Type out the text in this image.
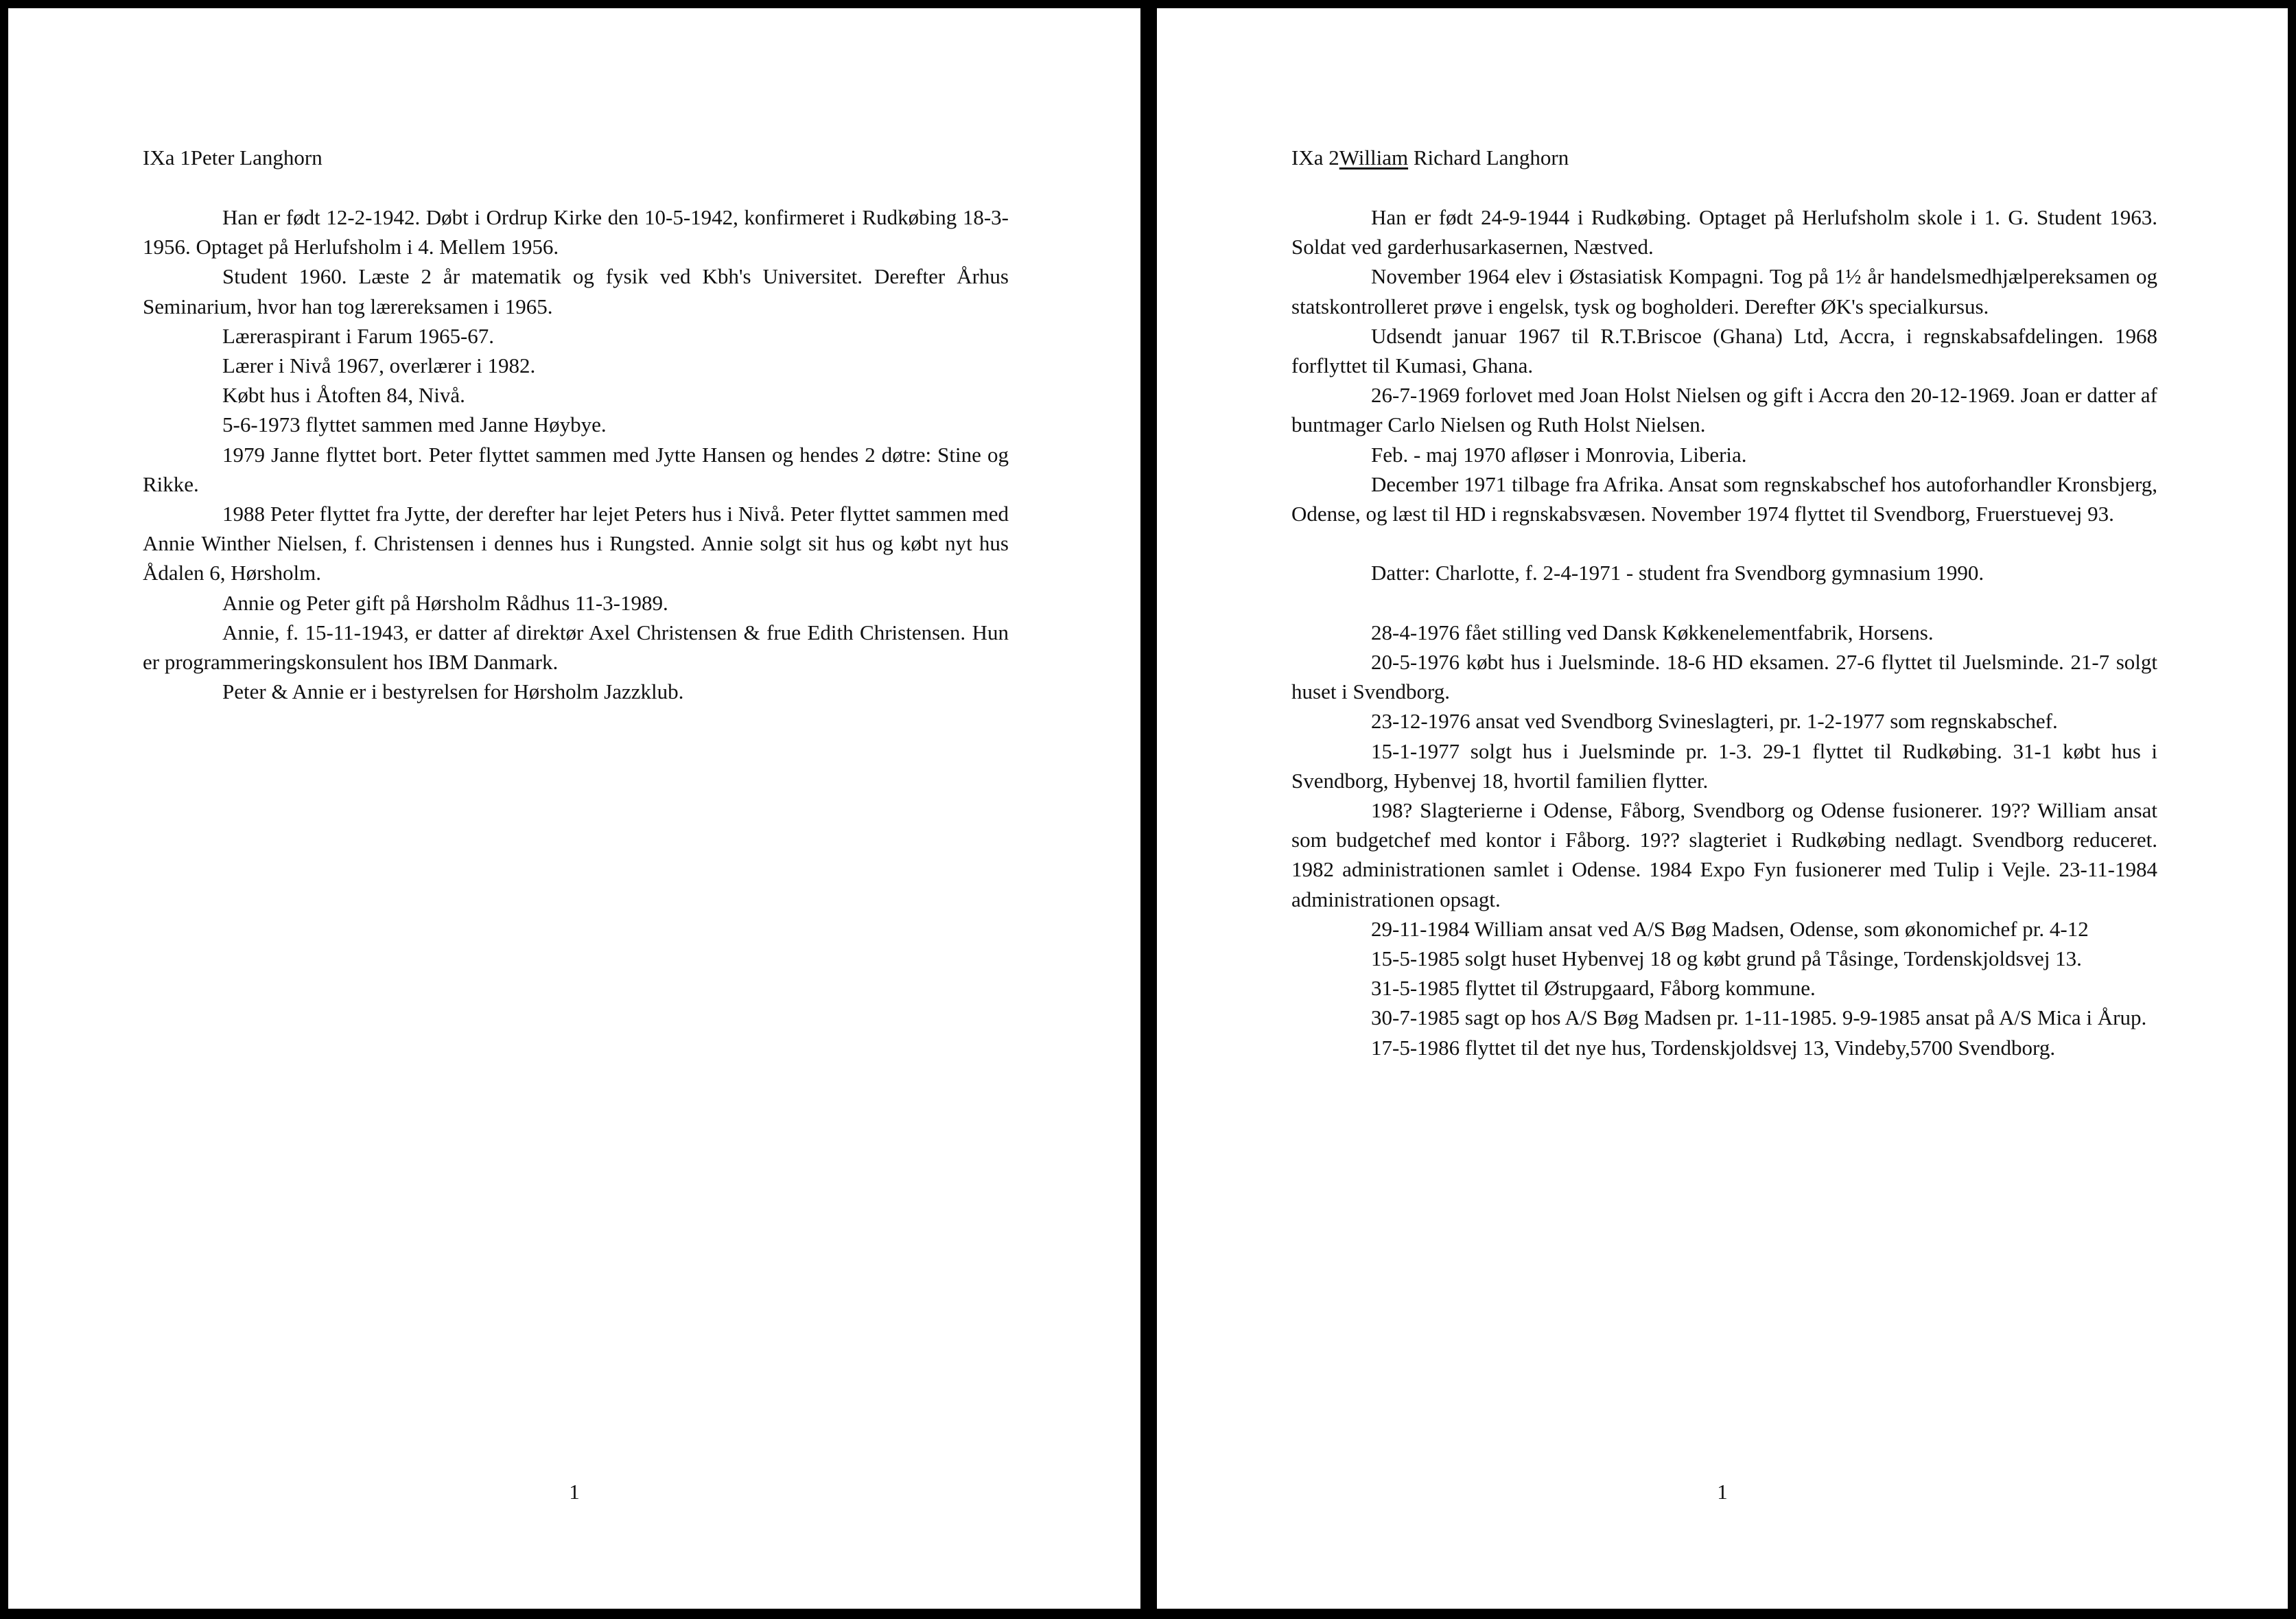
IXa 1Peter Langhorn

Han er født 12-2-1942. Døbt i Ordrup Kirke den 10-5-1942, konfirmeret i Rudkøbing 18-3-1956. Optaget på Herlufsholm i 4. Mellem 1956.

Student 1960. Læste 2 år matematik og fysik ved Kbh's Universitet. Derefter Århus Seminarium, hvor han tog lærereksamen i 1965.

Læreraspirant i Farum 1965-67.

Lærer i Nivå 1967, overlærer i 1982.

Købt hus i Åtoften 84, Nivå.

5-6-1973 flyttet sammen med Janne Høybye.

1979 Janne flyttet bort. Peter flyttet sammen med Jytte Hansen og hendes 2 døtre: Stine og Rikke.

1988 Peter flyttet fra Jytte, der derefter har lejet Peters hus i Nivå. Peter flyttet sammen med Annie Winther Nielsen, f. Christensen i dennes hus i Rungsted. Annie solgt sit hus og købt nyt hus Ådalen 6, Hørsholm.

Annie og Peter gift på Hørsholm Rådhus 11-3-1989.

Annie, f. 15-11-1943, er datter af direktør Axel Christensen & frue Edith Christensen. Hun er programmeringskonsulent hos IBM Danmark.

Peter & Annie er i bestyrelsen for Hørsholm Jazzklub.

1

IXa 2William Richard Langhorn

Han er født 24-9-1944 i Rudkøbing. Optaget på Herlufsholm skole i 1. G. Student 1963. Soldat ved garderhusarkasernen, Næstved.

November 1964 elev i Østasiatisk Kompagni. Tog på 1½ år handelsmedhjælpereksamen og statskontrolleret prøve i engelsk, tysk og bogholderi. Derefter ØK's specialkursus.

Udsendt januar 1967 til R.T.Briscoe (Ghana) Ltd, Accra, i regnskabsafdelingen. 1968 forflyttet til Kumasi, Ghana.

26-7-1969 forlovet med Joan Holst Nielsen og gift i Accra den 20-12-1969. Joan er datter af buntmager Carlo Nielsen og Ruth Holst Nielsen.

Feb. - maj 1970 afløser i Monrovia, Liberia.

December 1971 tilbage fra Afrika. Ansat som regnskabschef hos autoforhandler Kronsbjerg, Odense, og læst til HD i regnskabsvæsen. November 1974 flyttet til Svendborg, Fruerstuevej 93.

Datter: Charlotte, f. 2-4-1971 - student fra Svendborg gymnasium 1990.

28-4-1976 fået stilling ved Dansk Køkkenelementfabrik, Horsens.

20-5-1976 købt hus i Juelsminde. 18-6 HD eksamen. 27-6 flyttet til Juelsminde. 21-7 solgt huset i Svendborg.

23-12-1976 ansat ved Svendborg Svineslagteri, pr. 1-2-1977 som regnskabschef.

15-1-1977 solgt hus i Juelsminde pr. 1-3. 29-1 flyttet til Rudkøbing. 31-1 købt hus i Svendborg, Hybenvej 18, hvortil familien flytter.

198? Slagterierne i Odense, Fåborg, Svendborg og Odense fusionerer. 19?? William ansat som budgetchef med kontor i Fåborg. 19?? slagteriet i Rudkøbing nedlagt. Svendborg reduceret. 1982 administrationen samlet i Odense. 1984 Expo Fyn fusionerer med Tulip i Vejle. 23-11-1984 administrationen opsagt.

29-11-1984 William ansat ved A/S Bøg Madsen, Odense, som økonomichef pr. 4-12

15-5-1985 solgt huset Hybenvej 18 og købt grund på Tåsinge, Tordenskjoldsvej 13.

31-5-1985 flyttet til Østrupgaard, Fåborg kommune.

30-7-1985 sagt op hos A/S Bøg Madsen pr. 1-11-1985. 9-9-1985 ansat på A/S Mica i Årup.

17-5-1986 flyttet til det nye hus, Tordenskjoldsvej 13, Vindeby,5700 Svendborg.

1
